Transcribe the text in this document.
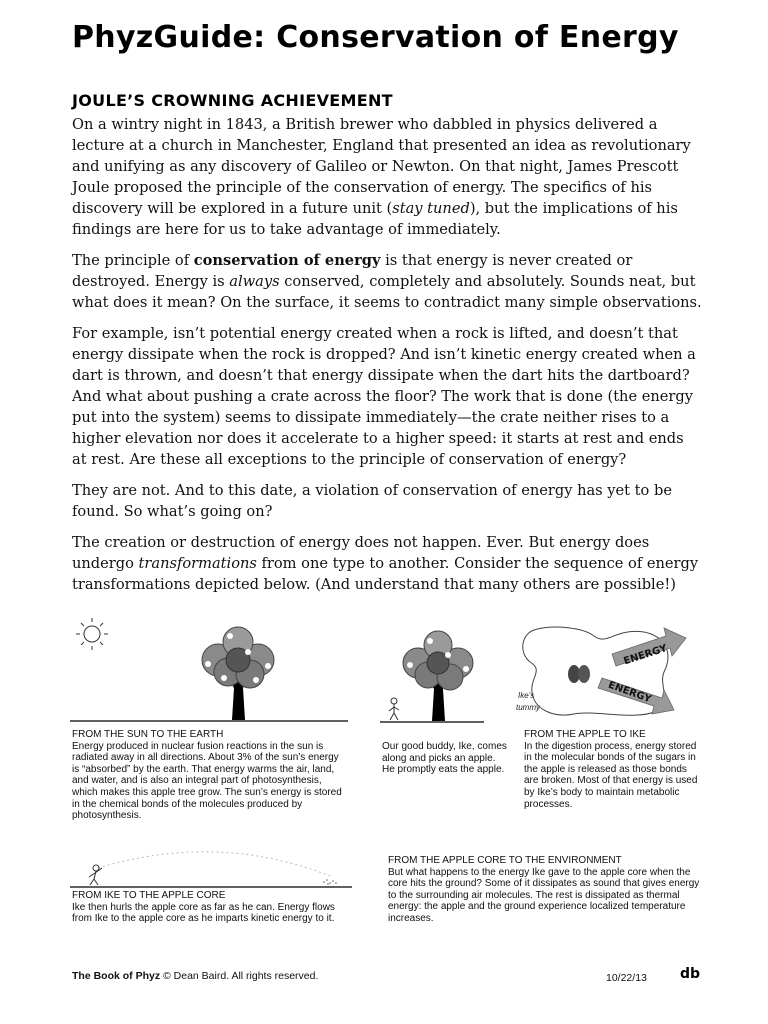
PhyzGuide: Conservation of Energy
JOULE’S CROWNING ACHIEVEMENT

On a wintry night in 1843, a British brewer who dabbled in physics delivered a lecture at a church in Manchester, England that presented an idea as revolutionary and unifying as any discovery of Galileo or Newton. On that night, James Prescott Joule proposed the principle of the conservation of energy. The specifics of his discovery will be explored in a future unit (stay tuned), but the implications of his findings are here for us to take advantage of immediately.

The principle of conservation of energy is that energy is never created or destroyed. Energy is always conserved, completely and absolutely. Sounds neat, but what does it mean? On the surface, it seems to contradict many simple observations.

For example, isn’t potential energy created when a rock is lifted, and doesn’t that energy dissipate when the rock is dropped? And isn’t kinetic energy created when a dart is thrown, and doesn’t that energy dissipate when the dart hits the dartboard? And what about pushing a crate across the floor? The work that is done (the energy put into the system) seems to dissipate immediately—the crate neither rises to a higher elevation nor does it accelerate to a higher speed: it starts at rest and ends at rest. Are these all exceptions to the principle of conservation of energy?

They are not. And to this date, a violation of conservation of energy has yet to be found. So what’s going on?

The creation or destruction of energy does not happen. Ever. But energy does undergo transformations from one type to another. Consider the sequence of energy transformations depicted below. (And understand that many others are possible!)

ENERGY
ENERGY
Ike’s
tummy
FROM THE SUN TO THE EARTH
Energy produced in nuclear fusion reactions in the sun is radiated away in all directions. About 3% of the sun’s energy is “absorbed” by the earth. That energy warms the air, land, and water, and is also an integral part of photosynthesis, which makes this apple tree grow. The sun’s energy is stored in the chemical bonds of the molecules produced by photosynthesis.
Our good buddy, Ike, comes along and picks an apple. He promptly eats the apple.
FROM THE APPLE TO IKE
In the digestion process, energy stored in the molecular bonds of the sugars in the apple is released as those bonds are broken. Most of that energy is used by Ike’s body to maintain metabolic processes.
FROM IKE TO THE APPLE CORE
Ike then hurls the apple core as far as he can. Energy flows from Ike to the apple core as he imparts kinetic energy to it.
FROM THE APPLE CORE TO THE ENVIRONMENT
But what happens to the energy Ike gave to the apple core when the core hits the ground? Some of it dissipates as sound that gives energy to the surrounding air molecules. The rest is dissipated as thermal energy: the apple and the ground experience localized temperature increases.
The Book of Phyz © Dean Baird. All rights reserved.	10/22/13 db
